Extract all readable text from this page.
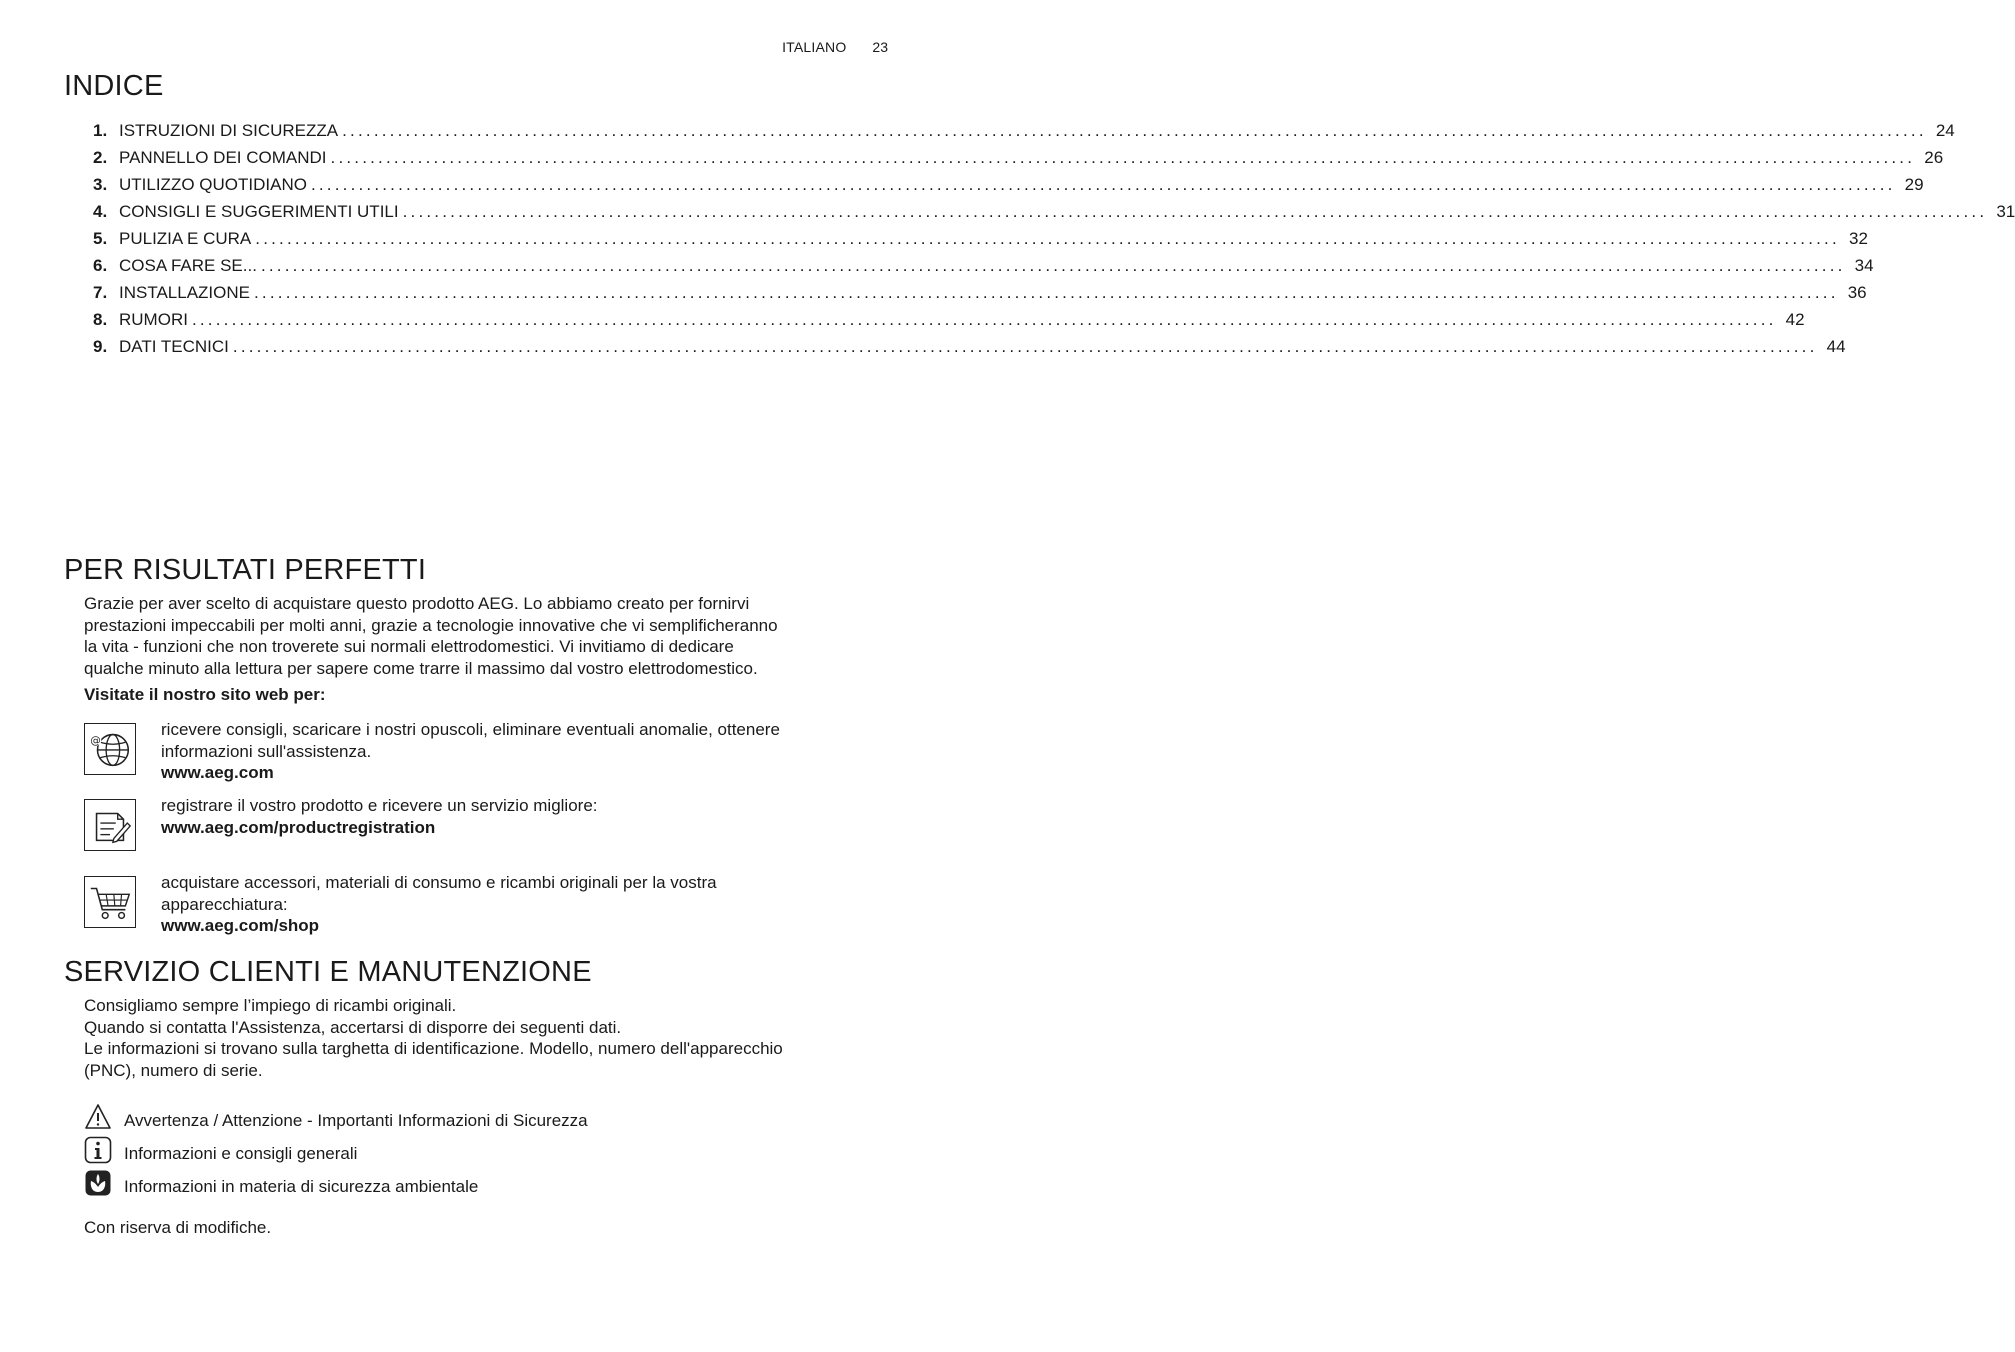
ITALIANO 23
INDICE
1. ISTRUZIONI DI SICUREZZA ........................................................................................................................................................................................................ 24
2. PANNELLO DEI COMANDI ........................................................................................................................................................................................................ 26
3. UTILIZZO QUOTIDIANO ........................................................................................................................................................................................................ 29
4. CONSIGLI E SUGGERIMENTI UTILI ........................................................................................................................................................................................................ 31
5. PULIZIA E CURA ........................................................................................................................................................................................................ 32
6. COSA FARE SE... ........................................................................................................................................................................................................ 34
7. INSTALLAZIONE ........................................................................................................................................................................................................ 36
8. RUMORI ........................................................................................................................................................................................................ 42
9. DATI TECNICI ........................................................................................................................................................................................................ 44
PER RISULTATI PERFETTI
Grazie per aver scelto di acquistare questo prodotto AEG. Lo abbiamo creato per fornirvi
prestazioni impeccabili per molti anni, grazie a tecnologie innovative che vi semplificheranno
la vita - funzioni che non troverete sui normali elettrodomestici. Vi invitiamo di dedicare
qualche minuto alla lettura per sapere come trarre il massimo dal vostro elettrodomestico.
Visitate il nostro sito web per:
@
ricevere consigli, scaricare i nostri opuscoli, eliminare eventuali anomalie, ottenere
informazioni sull'assistenza.
www.aeg.com
registrare il vostro prodotto e ricevere un servizio migliore:
www.aeg.com/productregistration
acquistare accessori, materiali di consumo e ricambi originali per la vostra
apparecchiatura:
www.aeg.com/shop
SERVIZIO CLIENTI E MANUTENZIONE
Consigliamo sempre l’impiego di ricambi originali.
Quando si contatta l'Assistenza, accertarsi di disporre dei seguenti dati.
Le informazioni si trovano sulla targhetta di identificazione. Modello, numero dell'apparecchio
(PNC), numero di serie.
Avvertenza / Attenzione - Importanti Informazioni di Sicurezza
Informazioni e consigli generali
Informazioni in materia di sicurezza ambientale
Con riserva di modifiche.
